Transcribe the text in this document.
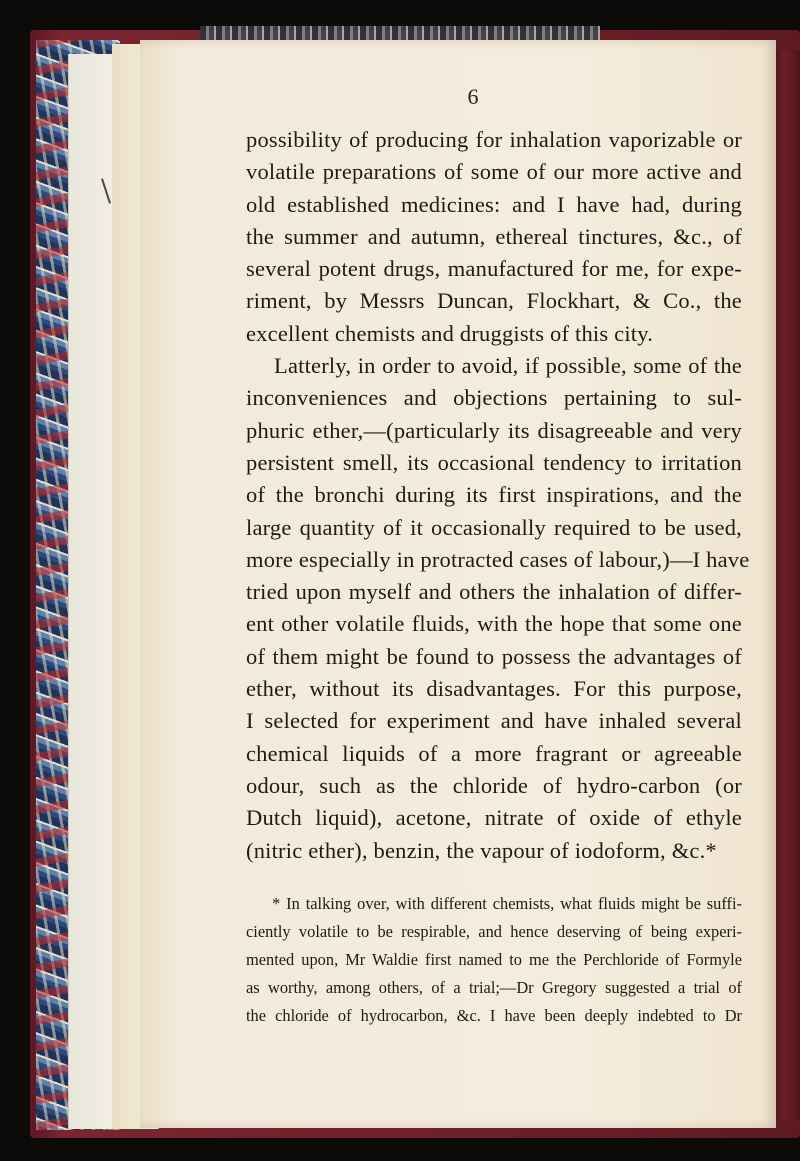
6
possibility of producing for inhalation vaporizable or
volatile preparations of some of our more active and
old established medicines: and I have had, during
the summer and autumn, ethereal tinctures, &c., of
several potent drugs, manufactured for me, for expe-
riment, by Messrs Duncan, Flockhart, & Co., the
excellent chemists and druggists of this city.
Latterly, in order to avoid, if possible, some of the
inconveniences and objections pertaining to sul-
phuric ether,—(particularly its disagreeable and very
persistent smell, its occasional tendency to irritation
of the bronchi during its first inspirations, and the
large quantity of it occasionally required to be used,
more especially in protracted cases of labour,)—I have
tried upon myself and others the inhalation of differ-
ent other volatile fluids, with the hope that some one
of them might be found to possess the advantages of
ether, without its disadvantages. For this purpose,
I selected for experiment and have inhaled several
chemical liquids of a more fragrant or agreeable
odour, such as the chloride of hydro-carbon (or
Dutch liquid), acetone, nitrate of oxide of ethyle
(nitric ether), benzin, the vapour of iodoform, &c.*
* In talking over, with different chemists, what fluids might be suffi-
ciently volatile to be respirable, and hence deserving of being experi-
mented upon, Mr Waldie first named to me the Perchloride of Formyle
as worthy, among others, of a trial;—Dr Gregory suggested a trial of
the chloride of hydrocarbon, &c. I have been deeply indebted to Dr
